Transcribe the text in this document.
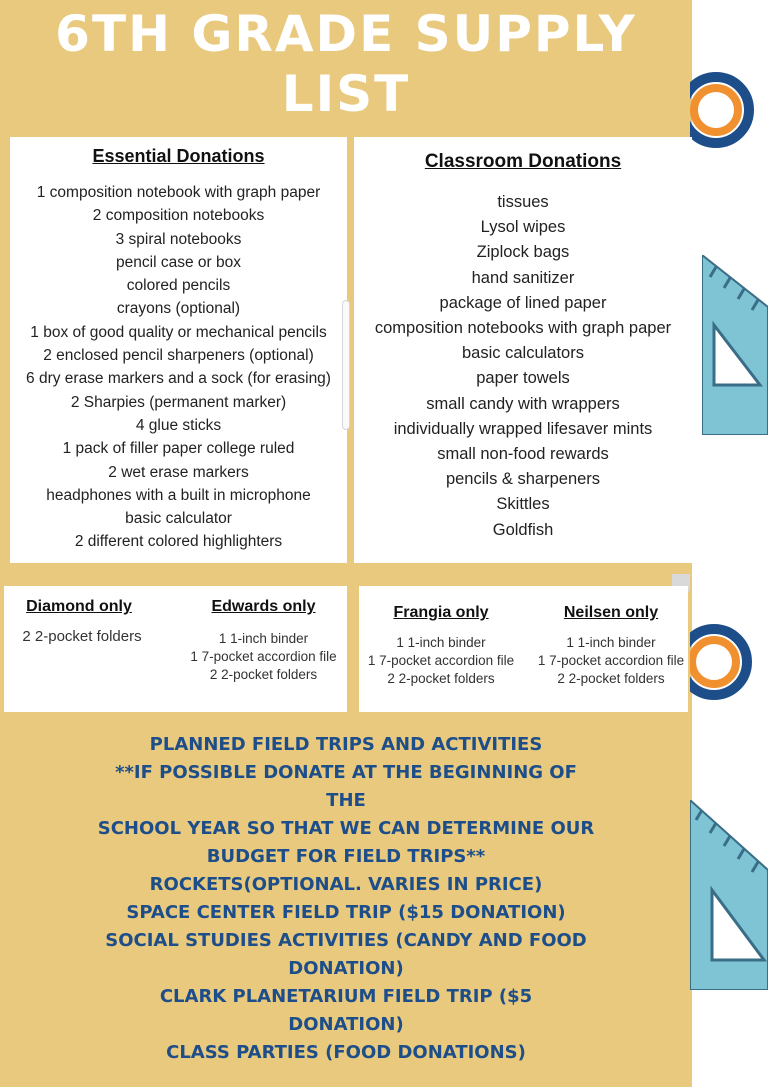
6TH GRADE SUPPLY
LIST
Essential Donations
1 composition notebook with graph paper
2 composition notebooks
3 spiral notebooks
pencil case or box
colored pencils
crayons (optional)
1 box of good quality or mechanical pencils
2 enclosed pencil sharpeners (optional)
6 dry erase markers and a sock (for erasing)
2 Sharpies (permanent marker)
4 glue sticks
1 pack of filler paper college ruled
2 wet erase markers
headphones with a built in microphone
basic calculator
2 different colored highlighters
Classroom Donations
tissues
Lysol wipes
Ziplock bags
hand sanitizer
package of lined paper
composition notebooks with graph paper
basic calculators
paper towels
small candy with wrappers
individually wrapped lifesaver mints
small non-food rewards
pencils & sharpeners
Skittles
Goldfish
Diamond only
2 2-pocket folders
Edwards only
1 1-inch binder
1 7-pocket accordion file
2 2-pocket folders
Frangia only
1 1-inch binder
1 7-pocket accordion file
2 2-pocket folders
Neilsen only
1 1-inch binder
1 7-pocket accordion file
2 2-pocket folders
PLANNED FIELD TRIPS AND ACTIVITIES
**IF POSSIBLE DONATE AT THE BEGINNING OF
THE
SCHOOL YEAR SO THAT WE CAN DETERMINE OUR
BUDGET FOR FIELD TRIPS**
ROCKETS(OPTIONAL. VARIES IN PRICE)
SPACE CENTER FIELD TRIP ($15 DONATION)
SOCIAL STUDIES ACTIVITIES (CANDY AND FOOD
DONATION)
CLARK PLANETARIUM FIELD TRIP ($5
DONATION)
CLASS PARTIES (FOOD DONATIONS)
